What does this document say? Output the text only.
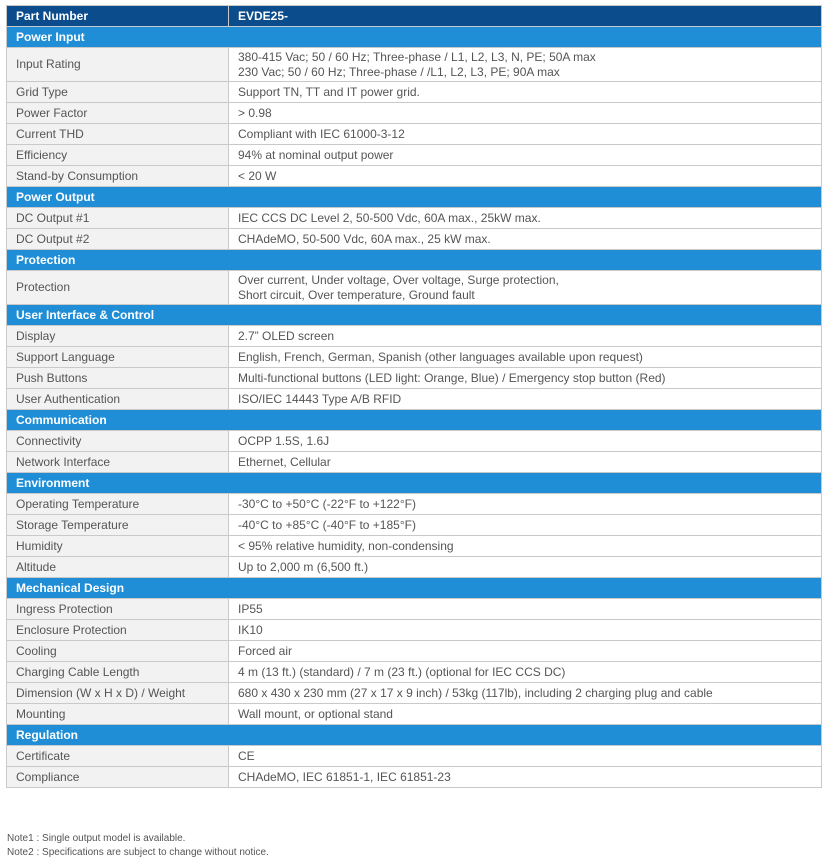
Part Number	EVDE25-
Power Input	
Input Rating	380-415 Vac; 50 / 60 Hz; Three-phase / L1, L2, L3, N, PE; 50A max
230 Vac; 50 / 60 Hz; Three-phase / /L1, L2, L3, PE; 90A max

Grid Type	Support TN, TT and IT power grid.

Power Factor	> 0.98

Current THD	Compliant with IEC 61000-3-12

Efficiency	94% at nominal output power

Stand-by Consumption	< 20 W

Power Output	
DC Output #1	IEC CCS DC Level 2, 50-500 Vdc, 60A max., 25kW max.

DC Output #2	CHAdeMO, 50-500 Vdc, 60A max., 25 kW max.

Protection	
Protection	Over current, Under voltage, Over voltage, Surge protection,
Short circuit, Over temperature, Ground fault

User Interface & Control	
Display	2.7” OLED screen

Support Language	English, French, German, Spanish (other languages available upon request)

Push Buttons	Multi-functional buttons (LED light: Orange, Blue) / Emergency stop button (Red)

User Authentication	ISO/IEC 14443 Type A/B RFID

Communication	
Connectivity	OCPP 1.5S, 1.6J

Network Interface	Ethernet, Cellular

Environment	
Operating Temperature	-30°C to +50°C (-22°F to +122°F)

Storage Temperature	-40°C to +85°C (-40°F to +185°F)

Humidity	< 95% relative humidity, non-condensing

Altitude	Up to 2,000 m (6,500 ft.)

Mechanical Design	
Ingress Protection	IP55

Enclosure Protection	IK10

Cooling	Forced air

Charging Cable Length	4 m (13 ft.) (standard) / 7 m (23 ft.) (optional for IEC CCS DC)

Dimension (W x H x D) / Weight	680 x 430 x 230 mm (27 x 17 x 9 inch) / 53kg (117lb), including 2 charging plug and cable

Mounting	Wall mount, or optional stand

Regulation	
Certificate	CE

Compliance	CHAdeMO, IEC 61851-1, IEC 61851-23
Note1 : Single output model is available.
Note2 : Specifications are subject to change without notice.
